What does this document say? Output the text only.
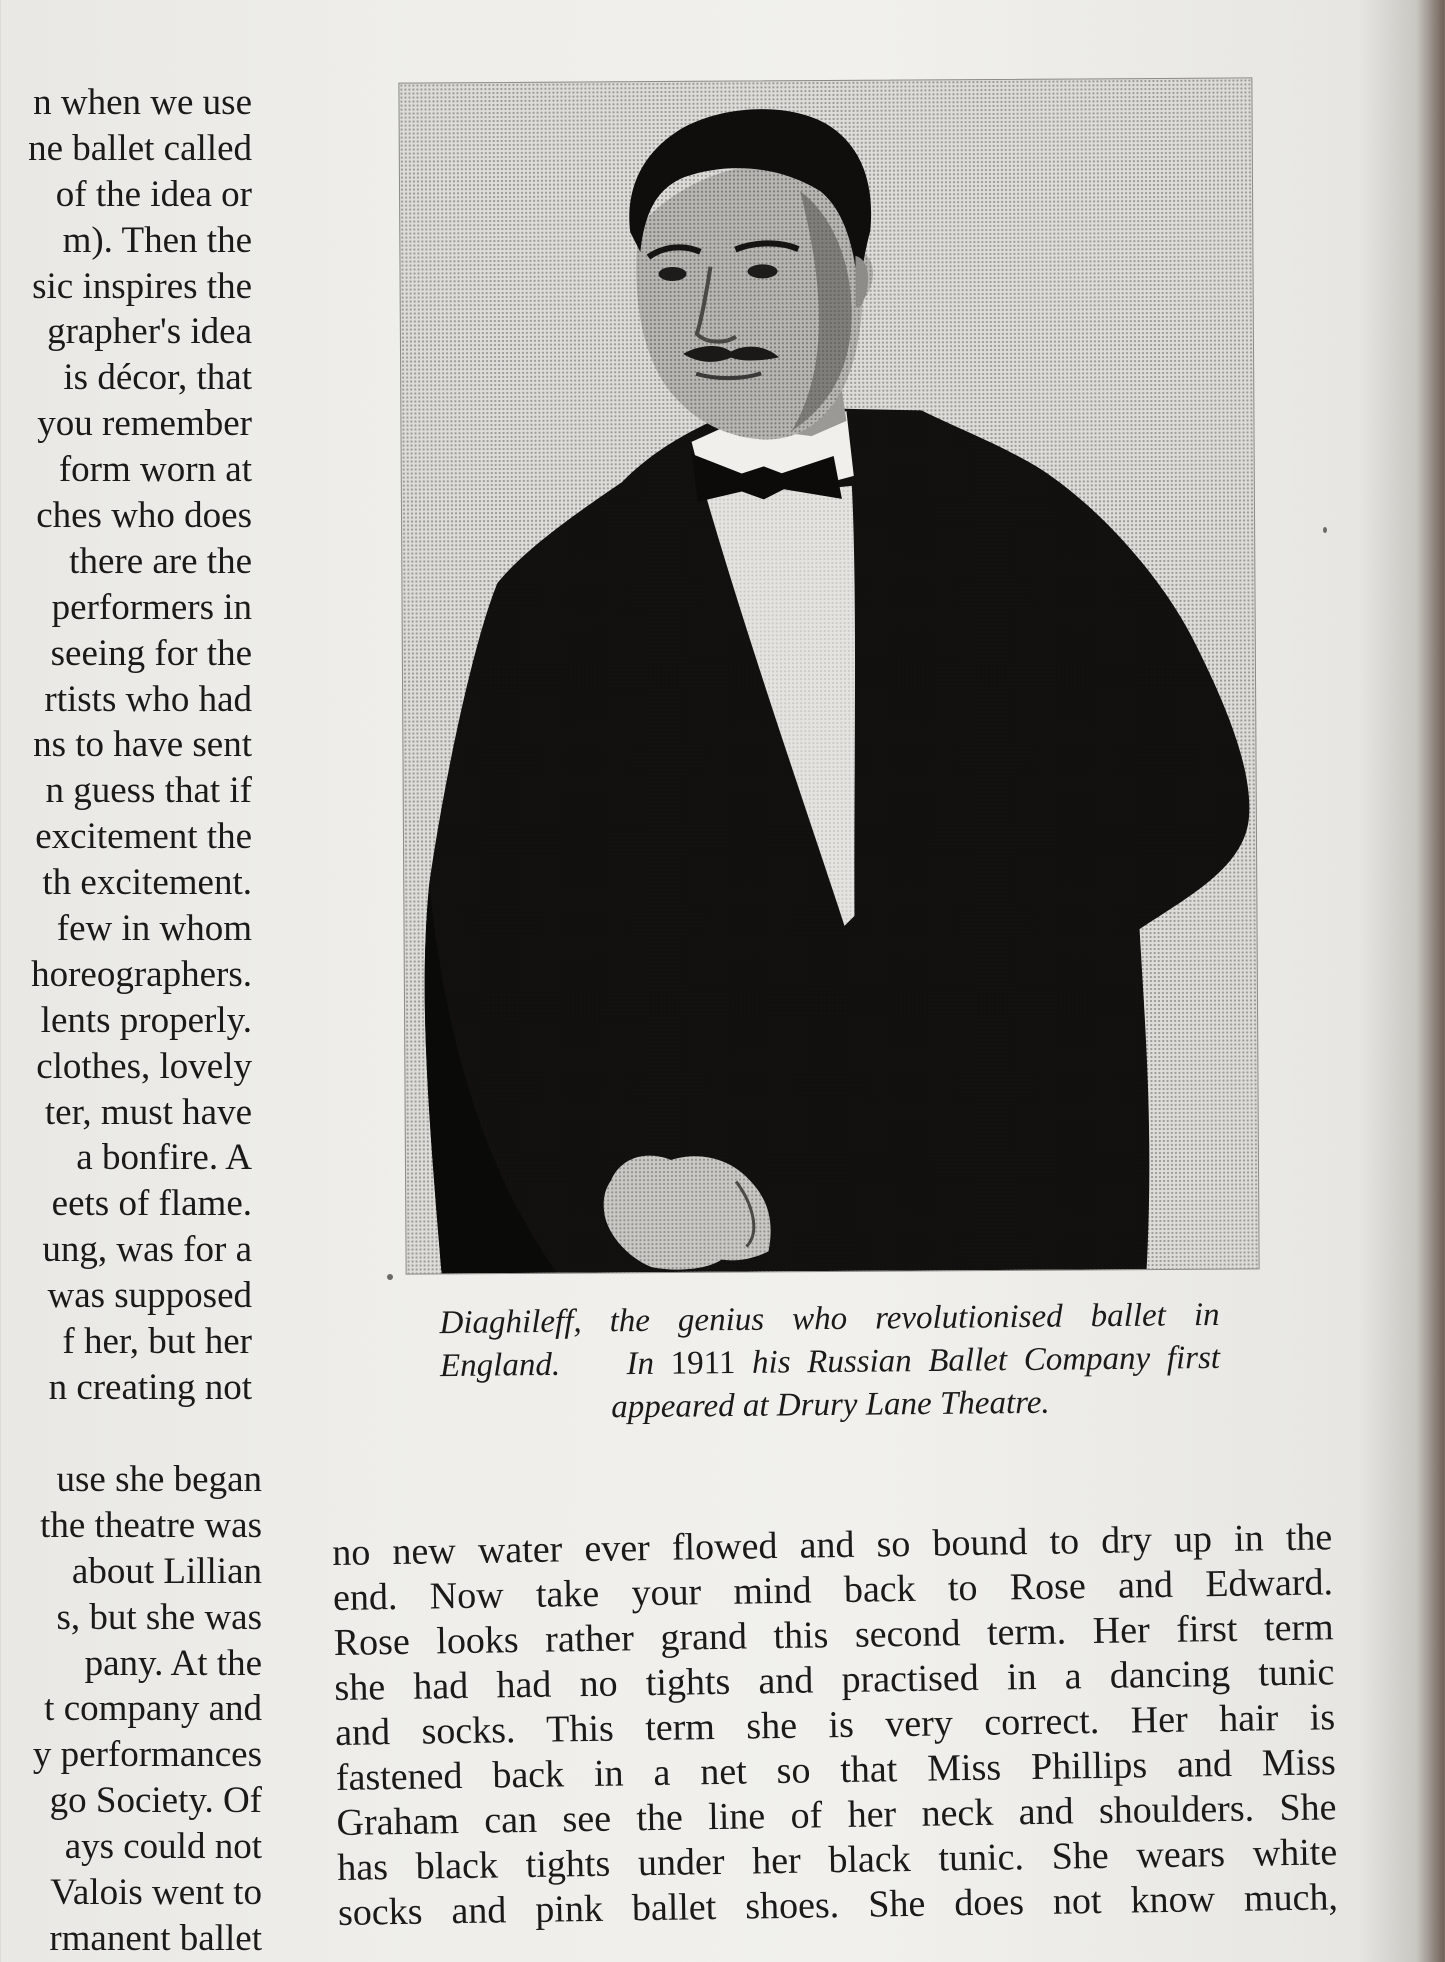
n when we use
ne ballet called
of the idea or
m). Then the
sic inspires the
grapher's idea
is décor, that
you remember
form worn at
ches who does
there are the
performers in
seeing for the
rtists who had
ns to have sent
n guess that if
excitement the
th excitement.
few in whom
horeographers.
lents properly.
clothes, lovely
ter, must have
a bonfire. A
eets of flame.
ung, was for a
was supposed
f her, but her
n creating not
use she began
the theatre was
about Lillian
s, but she was
pany. At the
t company and
y performances
go Society. Of
ays could not
Valois went to
rmanent ballet
Diaghileff, the genius who revolutionised ballet in
England. In 1911 his Russian Ballet Company first
appeared at Drury Lane Theatre.
no new water ever flowed and so bound to dry up in the
end. Now take your mind back to Rose and Edward.
Rose looks rather grand this second term. Her first term
she had had no tights and practised in a dancing tunic
and socks. This term she is very correct. Her hair is
fastened back in a net so that Miss Phillips and Miss
Graham can see the line of her neck and shoulders. She
has black tights under her black tunic. She wears white
socks and pink ballet shoes. She does not know much,
